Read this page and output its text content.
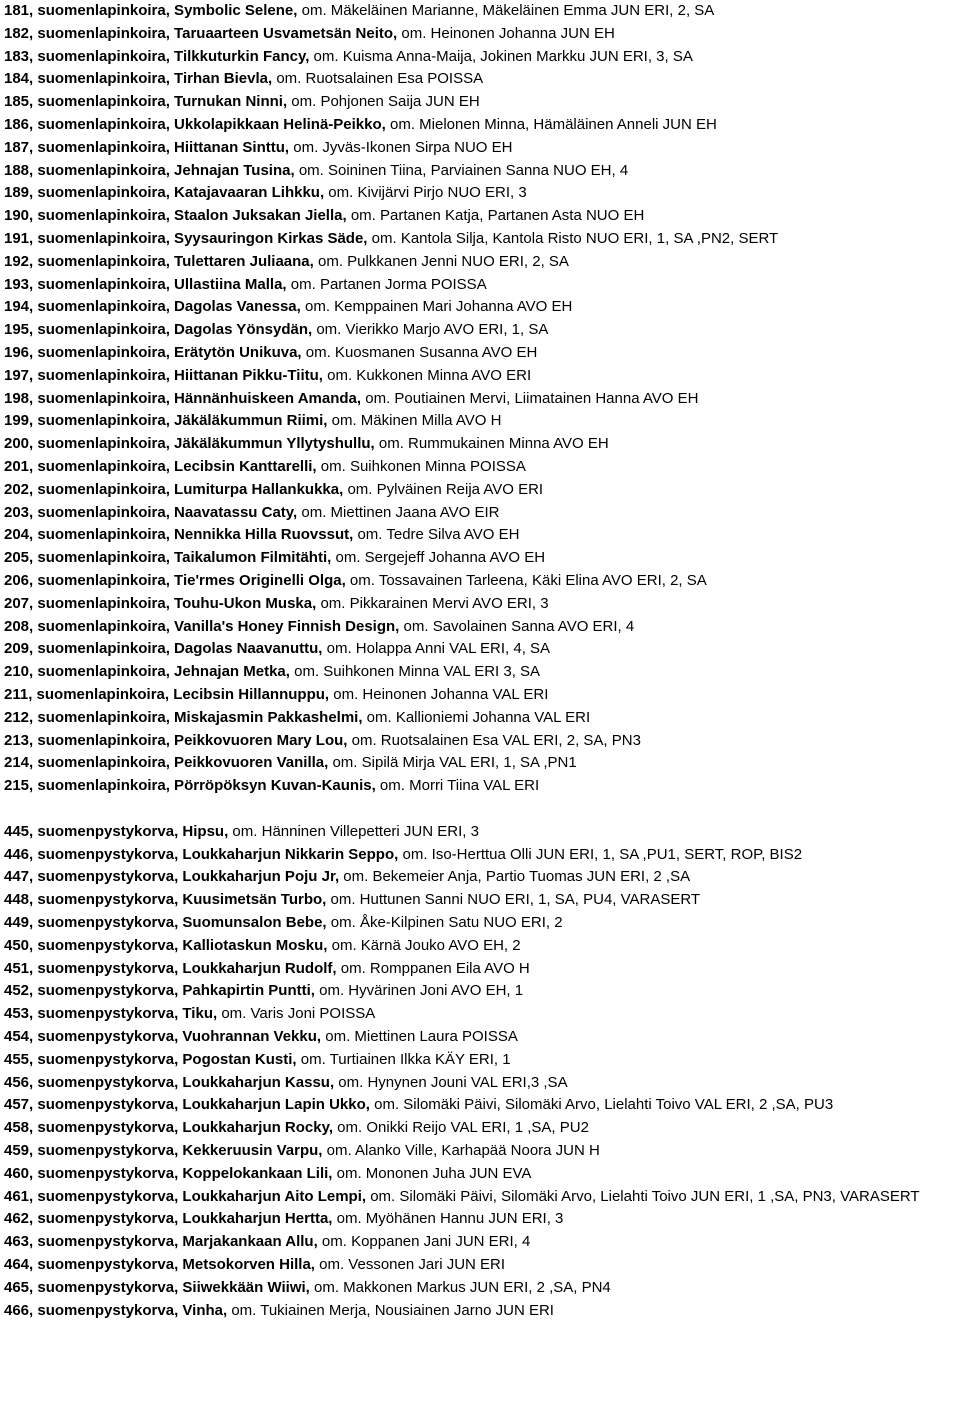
181, suomenlapinkoira, Symbolic Selene, om. Mäkeläinen Marianne, Mäkeläinen Emma JUN ERI, 2, SA

182, suomenlapinkoira, Taruaarteen Usvametsän Neito, om. Heinonen Johanna JUN EH

183, suomenlapinkoira, Tilkkuturkin Fancy, om. Kuisma Anna-Maija, Jokinen Markku JUN ERI, 3, SA

184, suomenlapinkoira, Tirhan Bievla, om. Ruotsalainen Esa POISSA

185, suomenlapinkoira, Turnukan Ninni, om. Pohjonen Saija JUN EH

186, suomenlapinkoira, Ukkolapikkaan Helinä-Peikko, om. Mielonen Minna, Hämäläinen Anneli JUN EH

187, suomenlapinkoira, Hiittanan Sinttu, om. Jyväs-Ikonen Sirpa NUO EH

188, suomenlapinkoira, Jehnajan Tusina, om. Soininen Tiina, Parviainen Sanna NUO EH, 4

189, suomenlapinkoira, Katajavaaran Lihkku, om. Kivijärvi Pirjo NUO ERI, 3

190, suomenlapinkoira, Staalon Juksakan Jiella, om. Partanen Katja, Partanen Asta NUO EH

191, suomenlapinkoira, Syysauringon Kirkas Säde, om. Kantola Silja, Kantola Risto NUO ERI, 1, SA ,PN2, SERT

192, suomenlapinkoira, Tulettaren Juliaana, om. Pulkkanen Jenni NUO ERI, 2, SA

193, suomenlapinkoira, Ullastiina Malla, om. Partanen Jorma POISSA

194, suomenlapinkoira, Dagolas Vanessa, om. Kemppainen Mari Johanna AVO EH

195, suomenlapinkoira, Dagolas Yönsydän, om. Vierikko Marjo AVO ERI, 1, SA

196, suomenlapinkoira, Erätytön Unikuva, om. Kuosmanen Susanna AVO EH

197, suomenlapinkoira, Hiittanan Pikku-Tiitu, om. Kukkonen Minna AVO ERI

198, suomenlapinkoira, Hännänhuiskeen Amanda, om. Poutiainen Mervi, Liimatainen Hanna AVO EH

199, suomenlapinkoira, Jäkäläkummun Riimi, om. Mäkinen Milla AVO H

200, suomenlapinkoira, Jäkäläkummun Yllytyshullu, om. Rummukainen Minna AVO EH

201, suomenlapinkoira, Lecibsin Kanttarelli, om. Suihkonen Minna POISSA

202, suomenlapinkoira, Lumiturpa Hallankukka, om. Pylväinen Reija AVO ERI

203, suomenlapinkoira, Naavatassu Caty, om. Miettinen Jaana AVO EIR

204, suomenlapinkoira, Nennikka Hilla Ruovssut, om. Tedre Silva AVO EH

205, suomenlapinkoira, Taikalumon Filmitähti, om. Sergejeff Johanna AVO EH

206, suomenlapinkoira, Tie'rmes Originelli Olga, om. Tossavainen Tarleena, Käki Elina AVO ERI, 2, SA

207, suomenlapinkoira, Touhu-Ukon Muska, om. Pikkarainen Mervi AVO ERI, 3

208, suomenlapinkoira, Vanilla's Honey Finnish Design, om. Savolainen Sanna AVO ERI, 4

209, suomenlapinkoira, Dagolas Naavanuttu, om. Holappa Anni VAL ERI, 4, SA

210, suomenlapinkoira, Jehnajan Metka, om. Suihkonen Minna VAL ERI 3, SA

211, suomenlapinkoira, Lecibsin Hillannuppu, om. Heinonen Johanna VAL ERI

212, suomenlapinkoira, Miskajasmin Pakkashelmi, om. Kallioniemi Johanna VAL ERI

213, suomenlapinkoira, Peikkovuoren Mary Lou, om. Ruotsalainen Esa VAL ERI, 2, SA, PN3

214, suomenlapinkoira, Peikkovuoren Vanilla, om. Sipilä Mirja VAL ERI, 1, SA ,PN1

215, suomenlapinkoira, Pörröpöksyn Kuvan-Kaunis, om. Morri Tiina VAL ERI

445, suomenpystykorva, Hipsu, om. Hänninen Villepetteri JUN ERI, 3

446, suomenpystykorva, Loukkaharjun Nikkarin Seppo, om. Iso-Herttua Olli JUN ERI, 1, SA ,PU1, SERT, ROP, BIS2

447, suomenpystykorva, Loukkaharjun Poju Jr, om. Bekemeier Anja, Partio Tuomas JUN ERI, 2 ,SA

448, suomenpystykorva, Kuusimetsän Turbo, om. Huttunen Sanni NUO ERI, 1, SA, PU4, VARASERT

449, suomenpystykorva, Suomunsalon Bebe, om. Åke-Kilpinen Satu NUO ERI, 2

450, suomenpystykorva, Kalliotaskun Mosku, om. Kärnä Jouko AVO EH, 2

451, suomenpystykorva, Loukkaharjun Rudolf, om. Romppanen Eila AVO H

452, suomenpystykorva, Pahkapirtin Puntti, om. Hyvärinen Joni AVO EH, 1

453, suomenpystykorva, Tiku, om. Varis Joni POISSA

454, suomenpystykorva, Vuohrannan Vekku, om. Miettinen Laura POISSA

455, suomenpystykorva, Pogostan Kusti, om. Turtiainen Ilkka KÄY ERI, 1

456, suomenpystykorva, Loukkaharjun Kassu, om. Hynynen Jouni VAL ERI,3 ,SA

457, suomenpystykorva, Loukkaharjun Lapin Ukko, om. Silomäki Päivi, Silomäki Arvo, Lielahti Toivo VAL ERI, 2 ,SA, PU3

458, suomenpystykorva, Loukkaharjun Rocky, om. Onikki Reijo VAL ERI, 1 ,SA, PU2

459, suomenpystykorva, Kekkeruusin Varpu, om. Alanko Ville, Karhapää Noora JUN H

460, suomenpystykorva, Koppelokankaan Lili, om. Mononen Juha JUN EVA

461, suomenpystykorva, Loukkaharjun Aito Lempi, om. Silomäki Päivi, Silomäki Arvo, Lielahti Toivo JUN ERI, 1 ,SA, PN3, VARASERT

462, suomenpystykorva, Loukkaharjun Hertta, om. Myöhänen Hannu JUN ERI, 3

463, suomenpystykorva, Marjakankaan Allu, om. Koppanen Jani JUN ERI, 4

464, suomenpystykorva, Metsokorven Hilla, om. Vessonen Jari JUN ERI

465, suomenpystykorva, Siiwekkään Wiiwi, om. Makkonen Markus JUN ERI, 2 ,SA, PN4

466, suomenpystykorva, Vinha, om. Tukiainen Merja, Nousiainen Jarno JUN ERI
